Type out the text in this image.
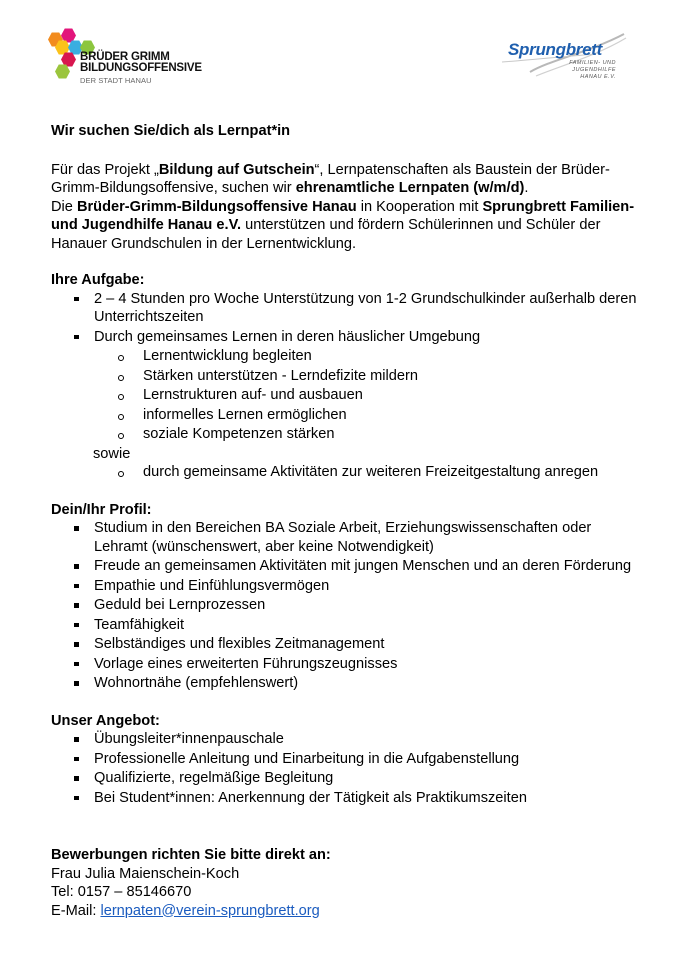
BRÜDER GRIMM
BILDUNGSOFFENSIVE
DER STADT HANAU
Sprungbrett
FAMILIEN- UND JUGENDHILFE
HANAU E.V.
Wir suchen Sie/dich als Lernpat*in

Für das Projekt „Bildung auf Gutschein“, Lernpatenschaften als Baustein der Brüder-Grimm-Bildungsoffensive, suchen wir ehrenamtliche Lernpaten (w/m/d).

Die Brüder-Grimm-Bildungsoffensive Hanau in Kooperation mit Sprungbrett Familien- und Jugendhilfe Hanau e.V. unterstützen und fördern Schülerinnen und Schüler der Hanauer Grundschulen in der Lernentwicklung.

Ihre Aufgabe:
2 – 4 Stunden pro Woche Unterstützung von 1-2 Grundschulkinder außerhalb deren Unterrichtszeiten
Durch gemeinsames Lernen in deren häuslicher Umgebung
Lernentwicklung begleiten
Stärken unterstützen - Lerndefizite mildern
Lernstrukturen auf- und ausbauen
informelles Lernen ermöglichen
soziale Kompetenzen stärken
sowie
durch gemeinsame Aktivitäten zur weiteren Freizeitgestaltung anregen
Dein/Ihr Profil:
Studium in den Bereichen BA Soziale Arbeit, Erziehungswissenschaften oder Lehramt (wünschenswert, aber keine Notwendigkeit)
Freude an gemeinsamen Aktivitäten mit jungen Menschen und an deren Förderung
Empathie und Einfühlungsvermögen
Geduld bei Lernprozessen
Teamfähigkeit
Selbständiges und flexibles Zeitmanagement
Vorlage eines erweiterten Führungszeugnisses
Wohnortnähe (empfehlenswert)
Unser Angebot:
Übungsleiter*innenpauschale
Professionelle Anleitung und Einarbeitung in die Aufgabenstellung
Qualifizierte, regelmäßige Begleitung
Bei Student*innen: Anerkennung der Tätigkeit als Praktikumszeiten
Bewerbungen richten Sie bitte direkt an:
Frau Julia Maienschein-Koch
Tel: 0157 – 85146670
E-Mail: lernpaten@verein-sprungbrett.org
